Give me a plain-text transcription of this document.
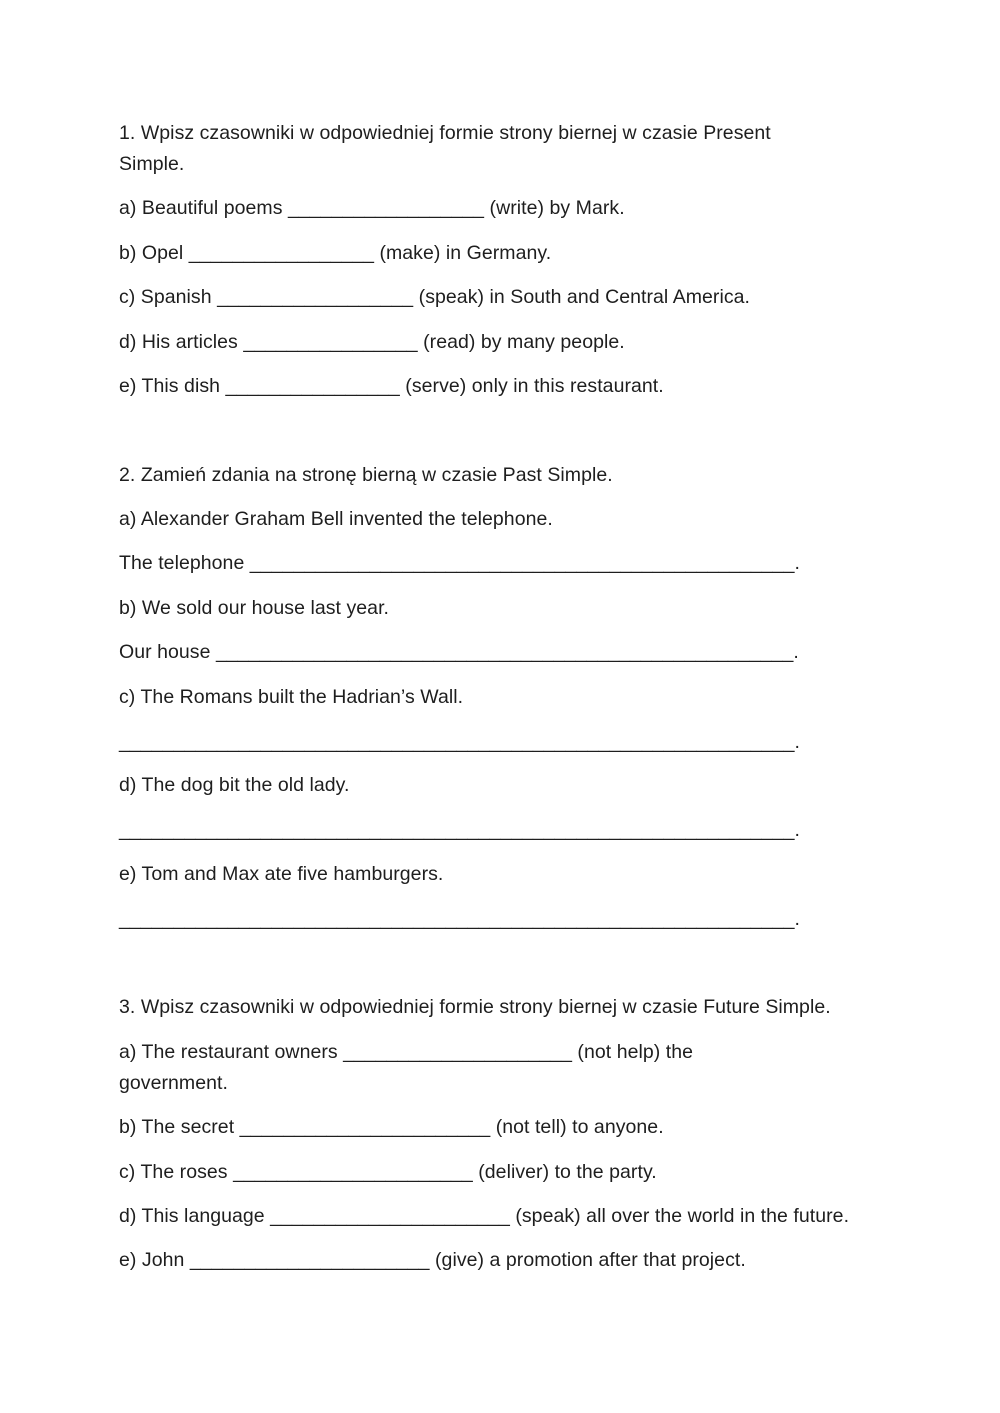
1. Wpisz czasowniki w odpowiedniej formie strony biernej w czasie Present
Simple.
a) Beautiful poems __________________ (write) by Mark.
b) Opel _________________ (make) in Germany.
c) Spanish __________________ (speak) in South and Central America.
d) His articles ________________ (read) by many people.
e) This dish ________________ (serve) only in this restaurant.
2. Zamień zdania na stronę bierną w czasie Past Simple.
a) Alexander Graham Bell invented the telephone.
The telephone __________________________________________________.
b) We sold our house last year.
Our house _____________________________________________________.
c) The Romans built the Hadrian’s Wall.
______________________________________________________________.
d) The dog bit the old lady.
______________________________________________________________.
e) Tom and Max ate five hamburgers.
______________________________________________________________.
3. Wpisz czasowniki w odpowiedniej formie strony biernej w czasie Future Simple.
a) The restaurant owners _____________________ (not help) the
government.
b) The secret _______________________ (not tell) to anyone.
c) The roses ______________________ (deliver) to the party.
d) This language ______________________ (speak) all over the world in the future.
e) John ______________________ (give) a promotion after that project.
